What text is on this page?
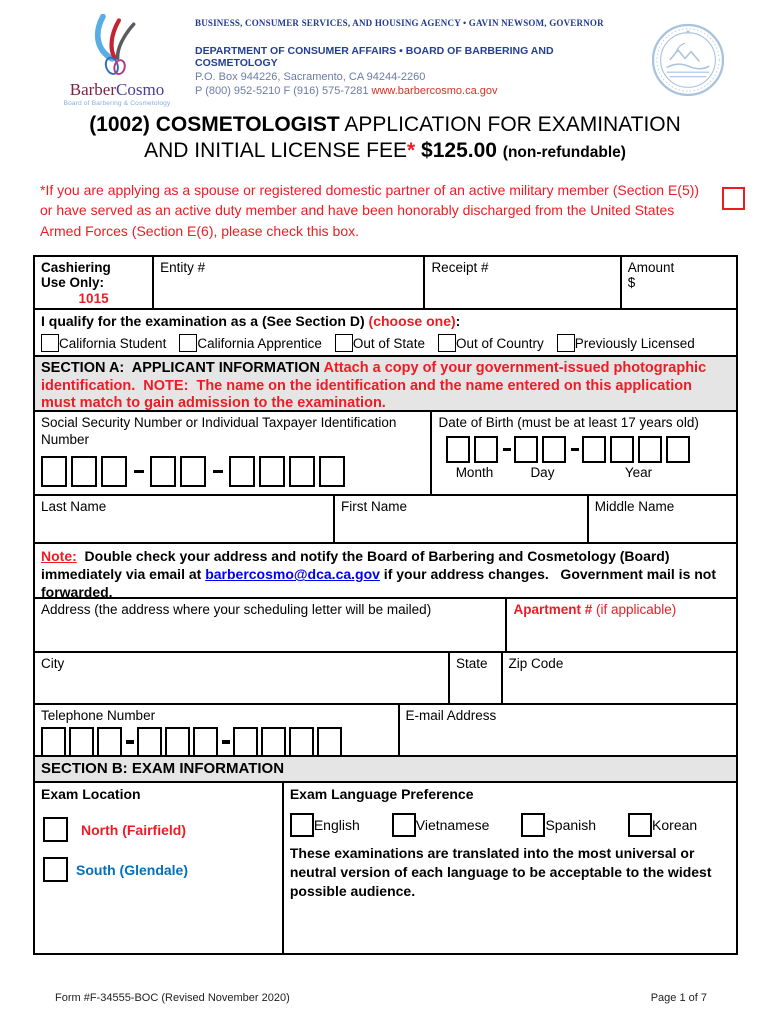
BarberCosmo
Board of Barbering & Cosmetology
BUSINESS, CONSUMER SERVICES, AND HOUSING AGENCY • GAVIN NEWSOM, GOVERNOR
DEPARTMENT OF CONSUMER AFFAIRS • BOARD OF BARBERING AND COSMETOLOGY
P.O. Box 944226, Sacramento, CA 94244-2260
P (800) 952-5210 F (916) 575-7281 www.barbercosmo.ca.gov
(1002) COSMETOLOGIST APPLICATION FOR EXAMINATION
AND INITIAL LICENSE FEE* $125.00 (non-refundable)

*If you are applying as a spouse or registered domestic partner of an active military member (Section E(5)) or have served as an active duty member and have been honorably discharged from the United States Armed Forces (Section E(6), please check this box.

Cashiering
Use Only:
1015
Entity #	Receipt #	Amount
$

I qualify for the examination as a (See Section D) (choose one):

California Student California Apprentice Out of State Out of Country Previously Licensed
SECTION A:  APPLICANT INFORMATION Attach a copy of your government-issued photographic identification.  NOTE:  The name on the identification and the name entered on this application must match to gain admission to the examination.
Social Security Number or Individual Taxpayer Identification Number
Date of Birth (must be at least 17 years old)
Month	Day	Year
Last Name	First Name	Middle Name

Note:  Double check your address and notify the Board of Barbering and Cosmetology (Board) immediately via email at barbercosmo@dca.ca.gov if your address changes.   Government mail is not forwarded.

Address (the address where your scheduling letter will be mailed)	Apartment # (if applicable)
City	State	Zip Code
Telephone Number	E-mail Address
SECTION B: EXAM INFORMATION
Exam Location
North (Fairfield)
South (Glendale)
Exam Language Preference
English	Vietnamese	Spanish	Korean

These examinations are translated into the most universal or neutral version of each language to be acceptable to the widest possible audience.

Form #F-34555-BOC (Revised November 2020)	Page 1 of 7
